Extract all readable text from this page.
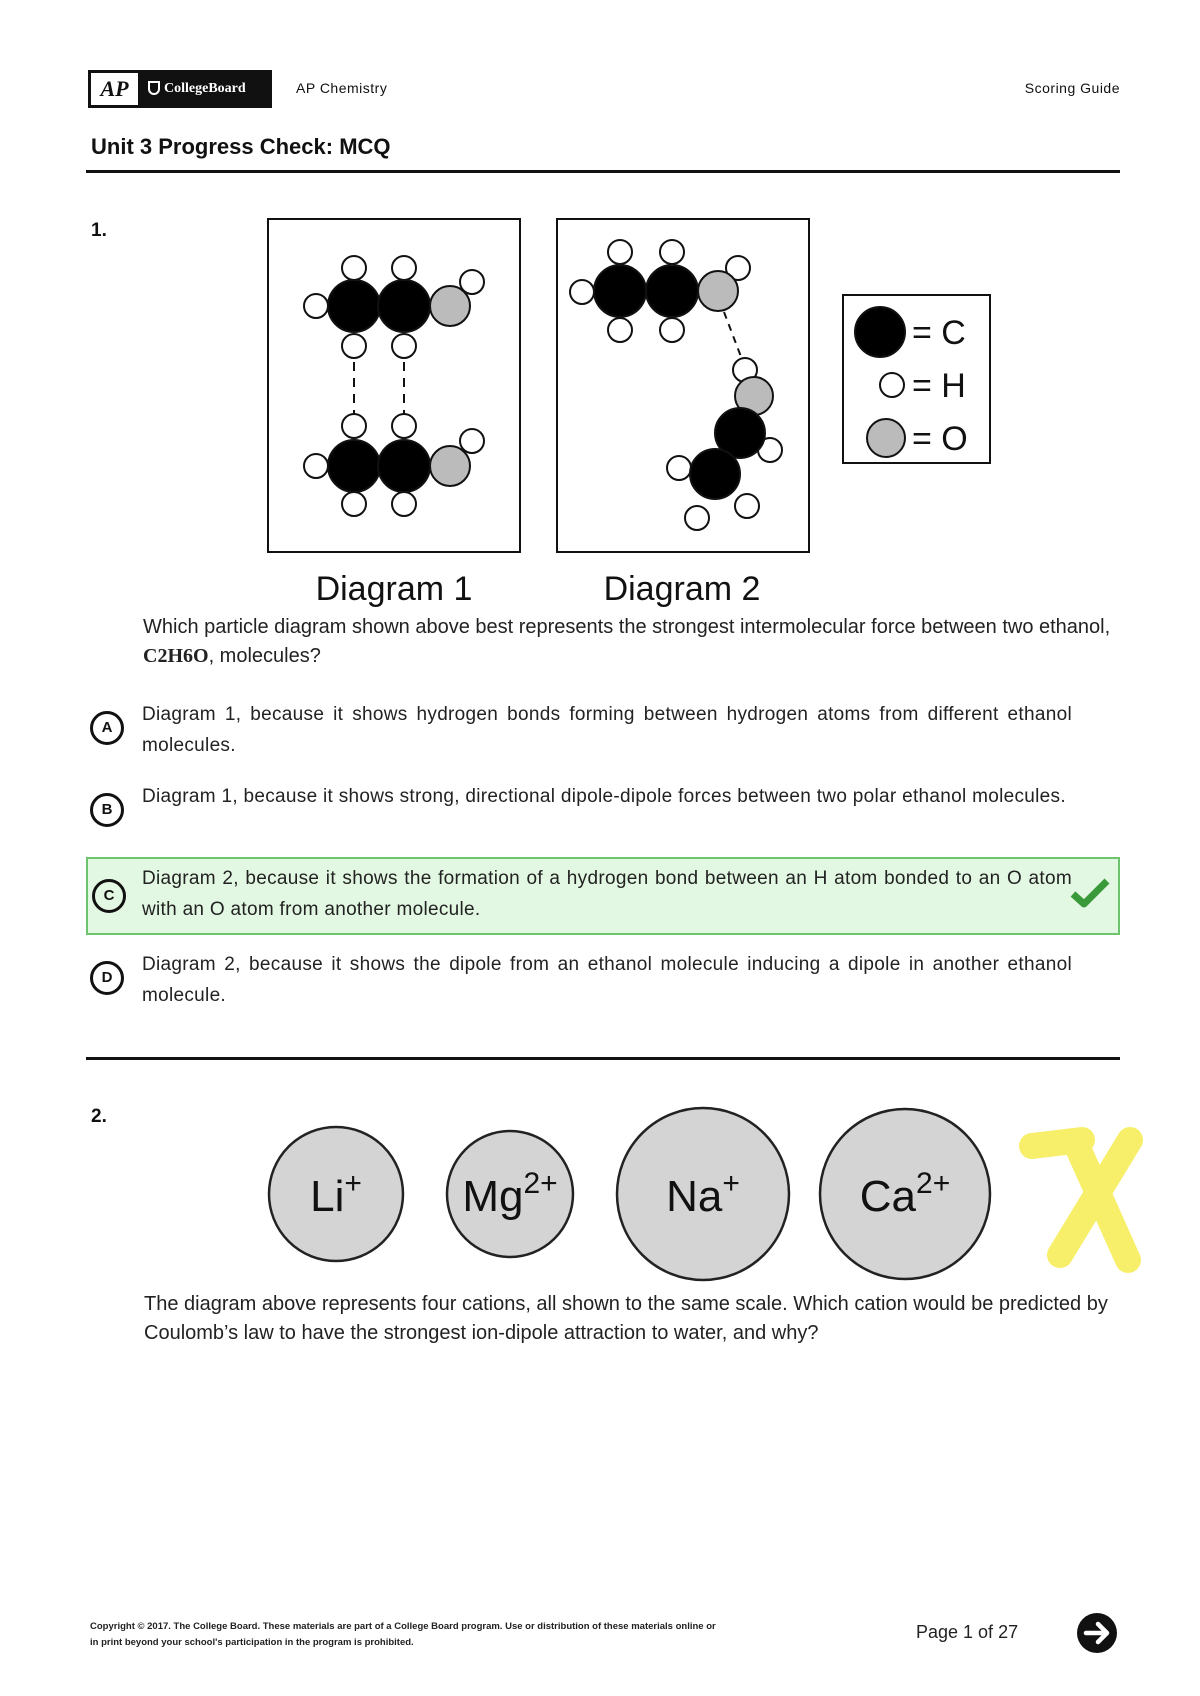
AP	CollegeBoard	AP Chemistry	Scoring Guide
Unit 3 Progress Check: MCQ
1.
Diagram 1	Diagram 2
= C
= H
= O
Which particle diagram shown above best represents the strongest intermolecular force between two ethanol, C2H6O, molecules?
A
Diagram 1, because it shows hydrogen bonds forming between hydrogen atoms from different ethanol molecules.
B
Diagram 1, because it shows strong, directional dipole-dipole forces between two polar ethanol molecules.
C
Diagram 2, because it shows the formation of a hydrogen bond between an H atom bonded to an O atom with an O atom from another molecule.
D
Diagram 2, because it shows the dipole from an ethanol molecule inducing a dipole in another ethanol molecule.
2.
Li+ $Mg^{2+}$ Na+	$Ca^{2+}$
The diagram above represents four cations, all shown to the same scale. Which cation would be predicted by Coulomb’s law to have the strongest ion-dipole attraction to water, and why?
Copyright © 2017. The College Board. These materials are part of a College Board program. Use or distribution of these materials online or
in print beyond your school's participation in the program is prohibited.
Page 1 of 27
